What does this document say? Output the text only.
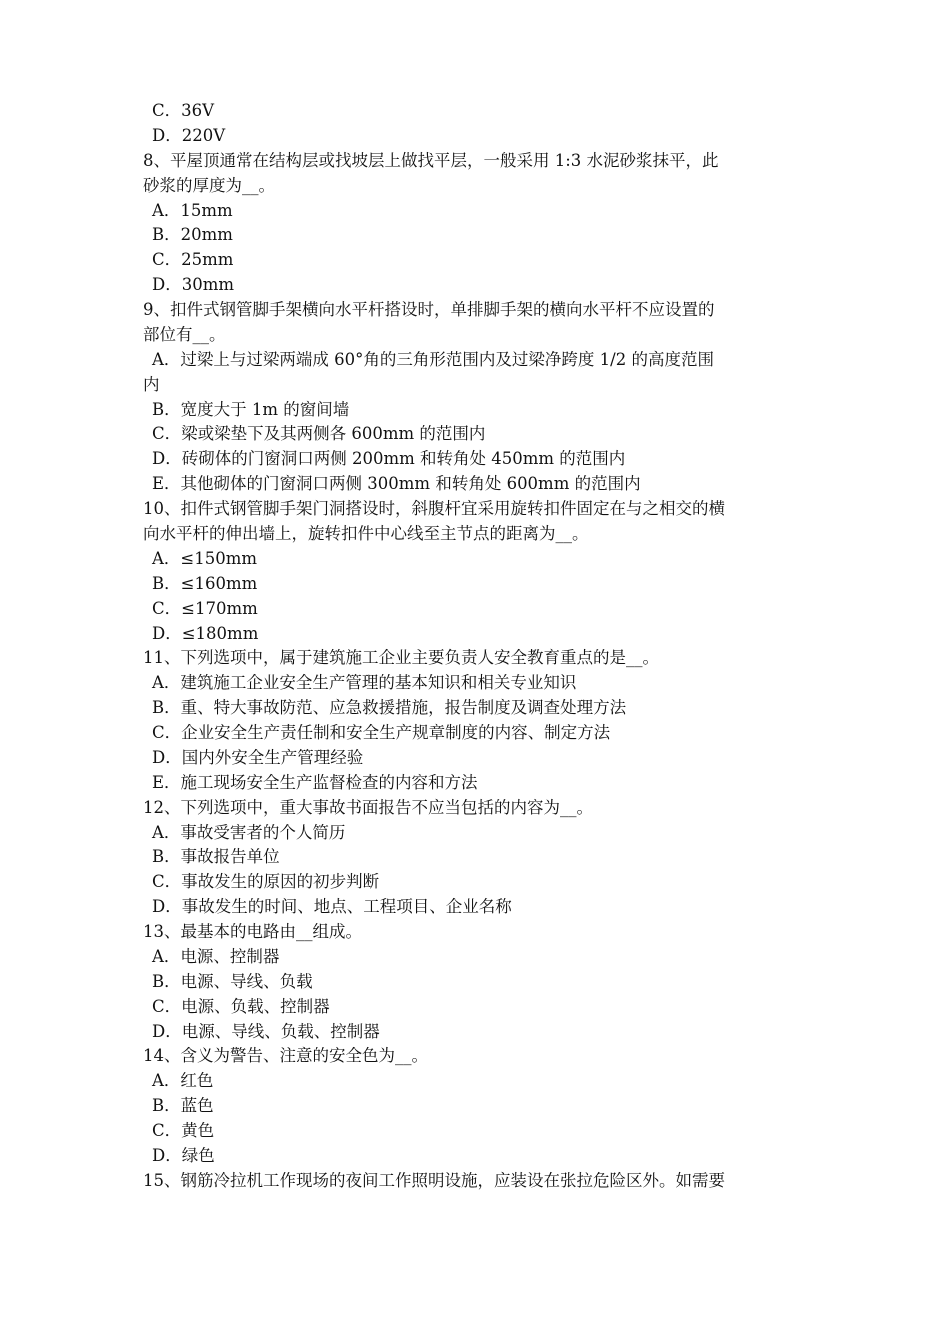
C．36V
D．220V
8、平屋顶通常在结构层或找坡层上做找平层，一般采用 1:3 水泥砂浆抹平，此
砂浆的厚度为__。
A．15mm
B．20mm
C．25mm
D．30mm
9、扣件式钢管脚手架横向水平杆搭设时，单排脚手架的横向水平杆不应设置的
部位有__。
A．过梁上与过梁两端成 60°角的三角形范围内及过梁净跨度 1/2 的高度范围
内
B．宽度大于 1m 的窗间墙
C．梁或梁垫下及其两侧各 600mm 的范围内
D．砖砌体的门窗洞口两侧 200mm 和转角处 450mm 的范围内
E．其他砌体的门窗洞口两侧 300mm 和转角处 600mm 的范围内
10、扣件式钢管脚手架门洞搭设时，斜腹杆宜采用旋转扣件固定在与之相交的横
向水平杆的伸出墙上，旋转扣件中心线至主节点的距离为__。
A．≤150mm
B．≤160mm
C．≤170mm
D．≤180mm
11、下列选项中，属于建筑施工企业主要负责人安全教育重点的是__。
A．建筑施工企业安全生产管理的基本知识和相关专业知识
B．重、特大事故防范、应急救援措施，报告制度及调查处理方法
C．企业安全生产责任制和安全生产规章制度的内容、制定方法
D．国内外安全生产管理经验
E．施工现场安全生产监督检查的内容和方法
12、下列选项中，重大事故书面报告不应当包括的内容为__。
A．事故受害者的个人简历
B．事故报告单位
C．事故发生的原因的初步判断
D．事故发生的时间、地点、工程项目、企业名称
13、最基本的电路由__组成。
A．电源、控制器
B．电源、导线、负载
C．电源、负载、控制器
D．电源、导线、负载、控制器
14、含义为警告、注意的安全色为__。
A．红色
B．蓝色
C．黄色
D．绿色
15、钢筋冷拉机工作现场的夜间工作照明设施，应装设在张拉危险区外。如需要
